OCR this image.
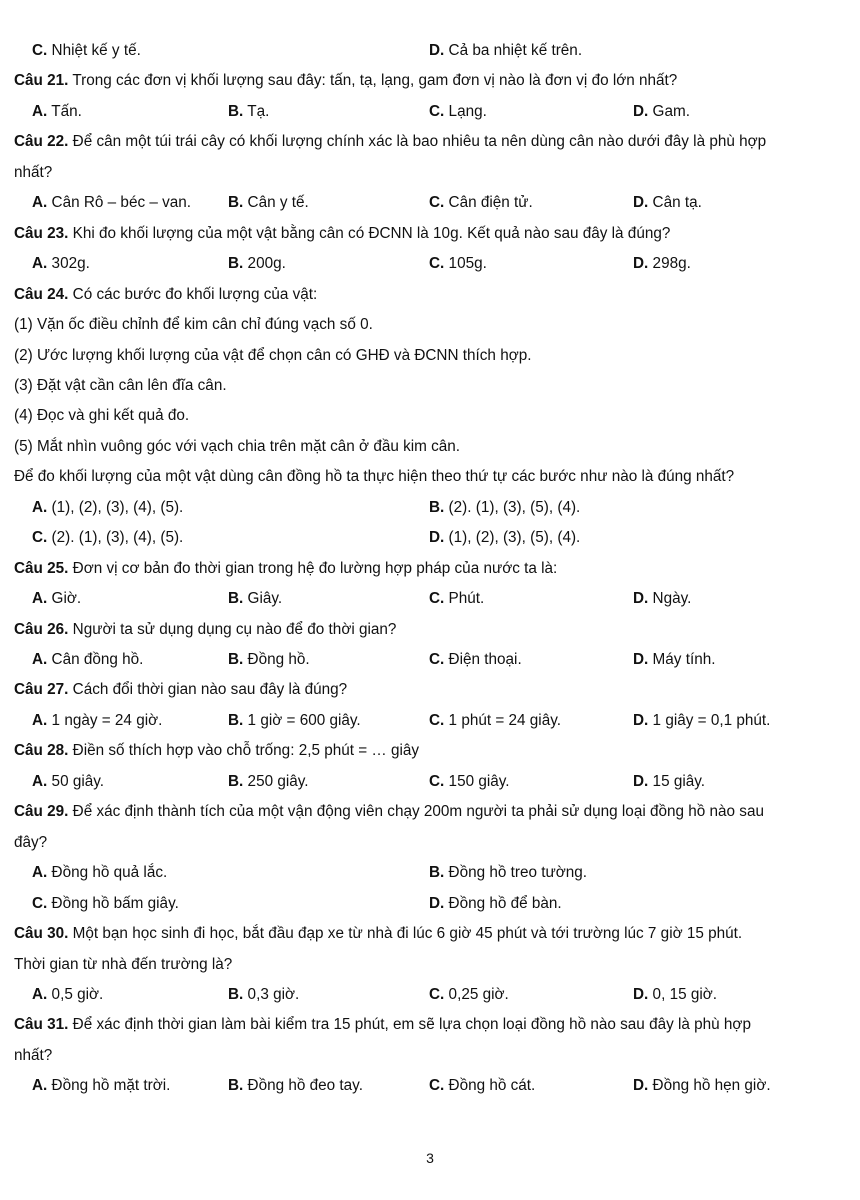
C. Nhiệt kế y tế.	D. Cả ba nhiệt kế trên.
Câu 21. Trong các đơn vị khối lượng sau đây: tấn, tạ, lạng, gam đơn vị nào là đơn vị đo lớn nhất?
A. Tấn.	B. Tạ.	C. Lạng.	D. Gam.
Câu 22. Để cân một túi trái cây có khối lượng chính xác là bao nhiêu ta nên dùng cân nào dưới đây là phù hợp
nhất?
A. Cân Rô – béc – van. B. Cân y tế.	C. Cân điện tử.	D. Cân tạ.
Câu 23. Khi đo khối lượng của một vật bằng cân có ĐCNN là 10g. Kết quả nào sau đây là đúng?
A. 302g.	B. 200g.	C. 105g.	D. 298g.
Câu 24. Có các bước đo khối lượng của vật:
(1) Vặn ốc điều chỉnh để kim cân chỉ đúng vạch số 0.
(2) Ước lượng khối lượng của vật để chọn cân có GHĐ và ĐCNN thích hợp.
(3) Đặt vật cần cân lên đĩa cân.
(4) Đọc và ghi kết quả đo.
(5) Mắt nhìn vuông góc với vạch chia trên mặt cân ở đầu kim cân.
Để đo khối lượng của một vật dùng cân đồng hồ ta thực hiện theo thứ tự các bước như nào là đúng nhất?
A. (1), (2), (3), (4), (5).	B. (2). (1), (3), (5), (4).
C. (2). (1), (3), (4), (5).	D. (1), (2), (3), (5), (4).
Câu 25. Đơn vị cơ bản đo thời gian trong hệ đo lường hợp pháp của nước ta là:
A. Giờ.	B. Giây.	C. Phút.	D. Ngày.
Câu 26. Người ta sử dụng dụng cụ nào để đo thời gian?
A. Cân đồng hồ.	B. Đồng hồ.	C. Điện thoại.	D. Máy tính.
Câu 27. Cách đổi thời gian nào sau đây là đúng?
A. 1 ngày = 24 giờ.	B. 1 giờ = 600 giây.	C. 1 phút = 24 giây.	D. 1 giây = 0,1 phút.
Câu 28. Điền số thích hợp vào chỗ trống: 2,5 phút = … giây
A. 50 giây.	B. 250 giây.	C. 150 giây.	D. 15 giây.
Câu 29. Để xác định thành tích của một vận động viên chạy 200m người ta phải sử dụng loại đồng hồ nào sau
đây?
A. Đồng hồ quả lắc.	B. Đồng hồ treo tường.
C. Đồng hồ bấm giây.	D. Đồng hồ để bàn.
Câu 30. Một bạn học sinh đi học, bắt đầu đạp xe từ nhà đi lúc 6 giờ 45 phút và tới trường lúc 7 giờ 15 phút.
Thời gian từ nhà đến trường là?
A. 0,5 giờ.	B. 0,3 giờ.	C. 0,25 giờ.	D. 0, 15 giờ.
Câu 31. Để xác định thời gian làm bài kiểm tra 15 phút, em sẽ lựa chọn loại đồng hồ nào sau đây là phù hợp
nhất?
A. Đồng hồ mặt trời.	B. Đồng hồ đeo tay.	C. Đồng hồ cát.	D. Đồng hồ hẹn giờ.
3
